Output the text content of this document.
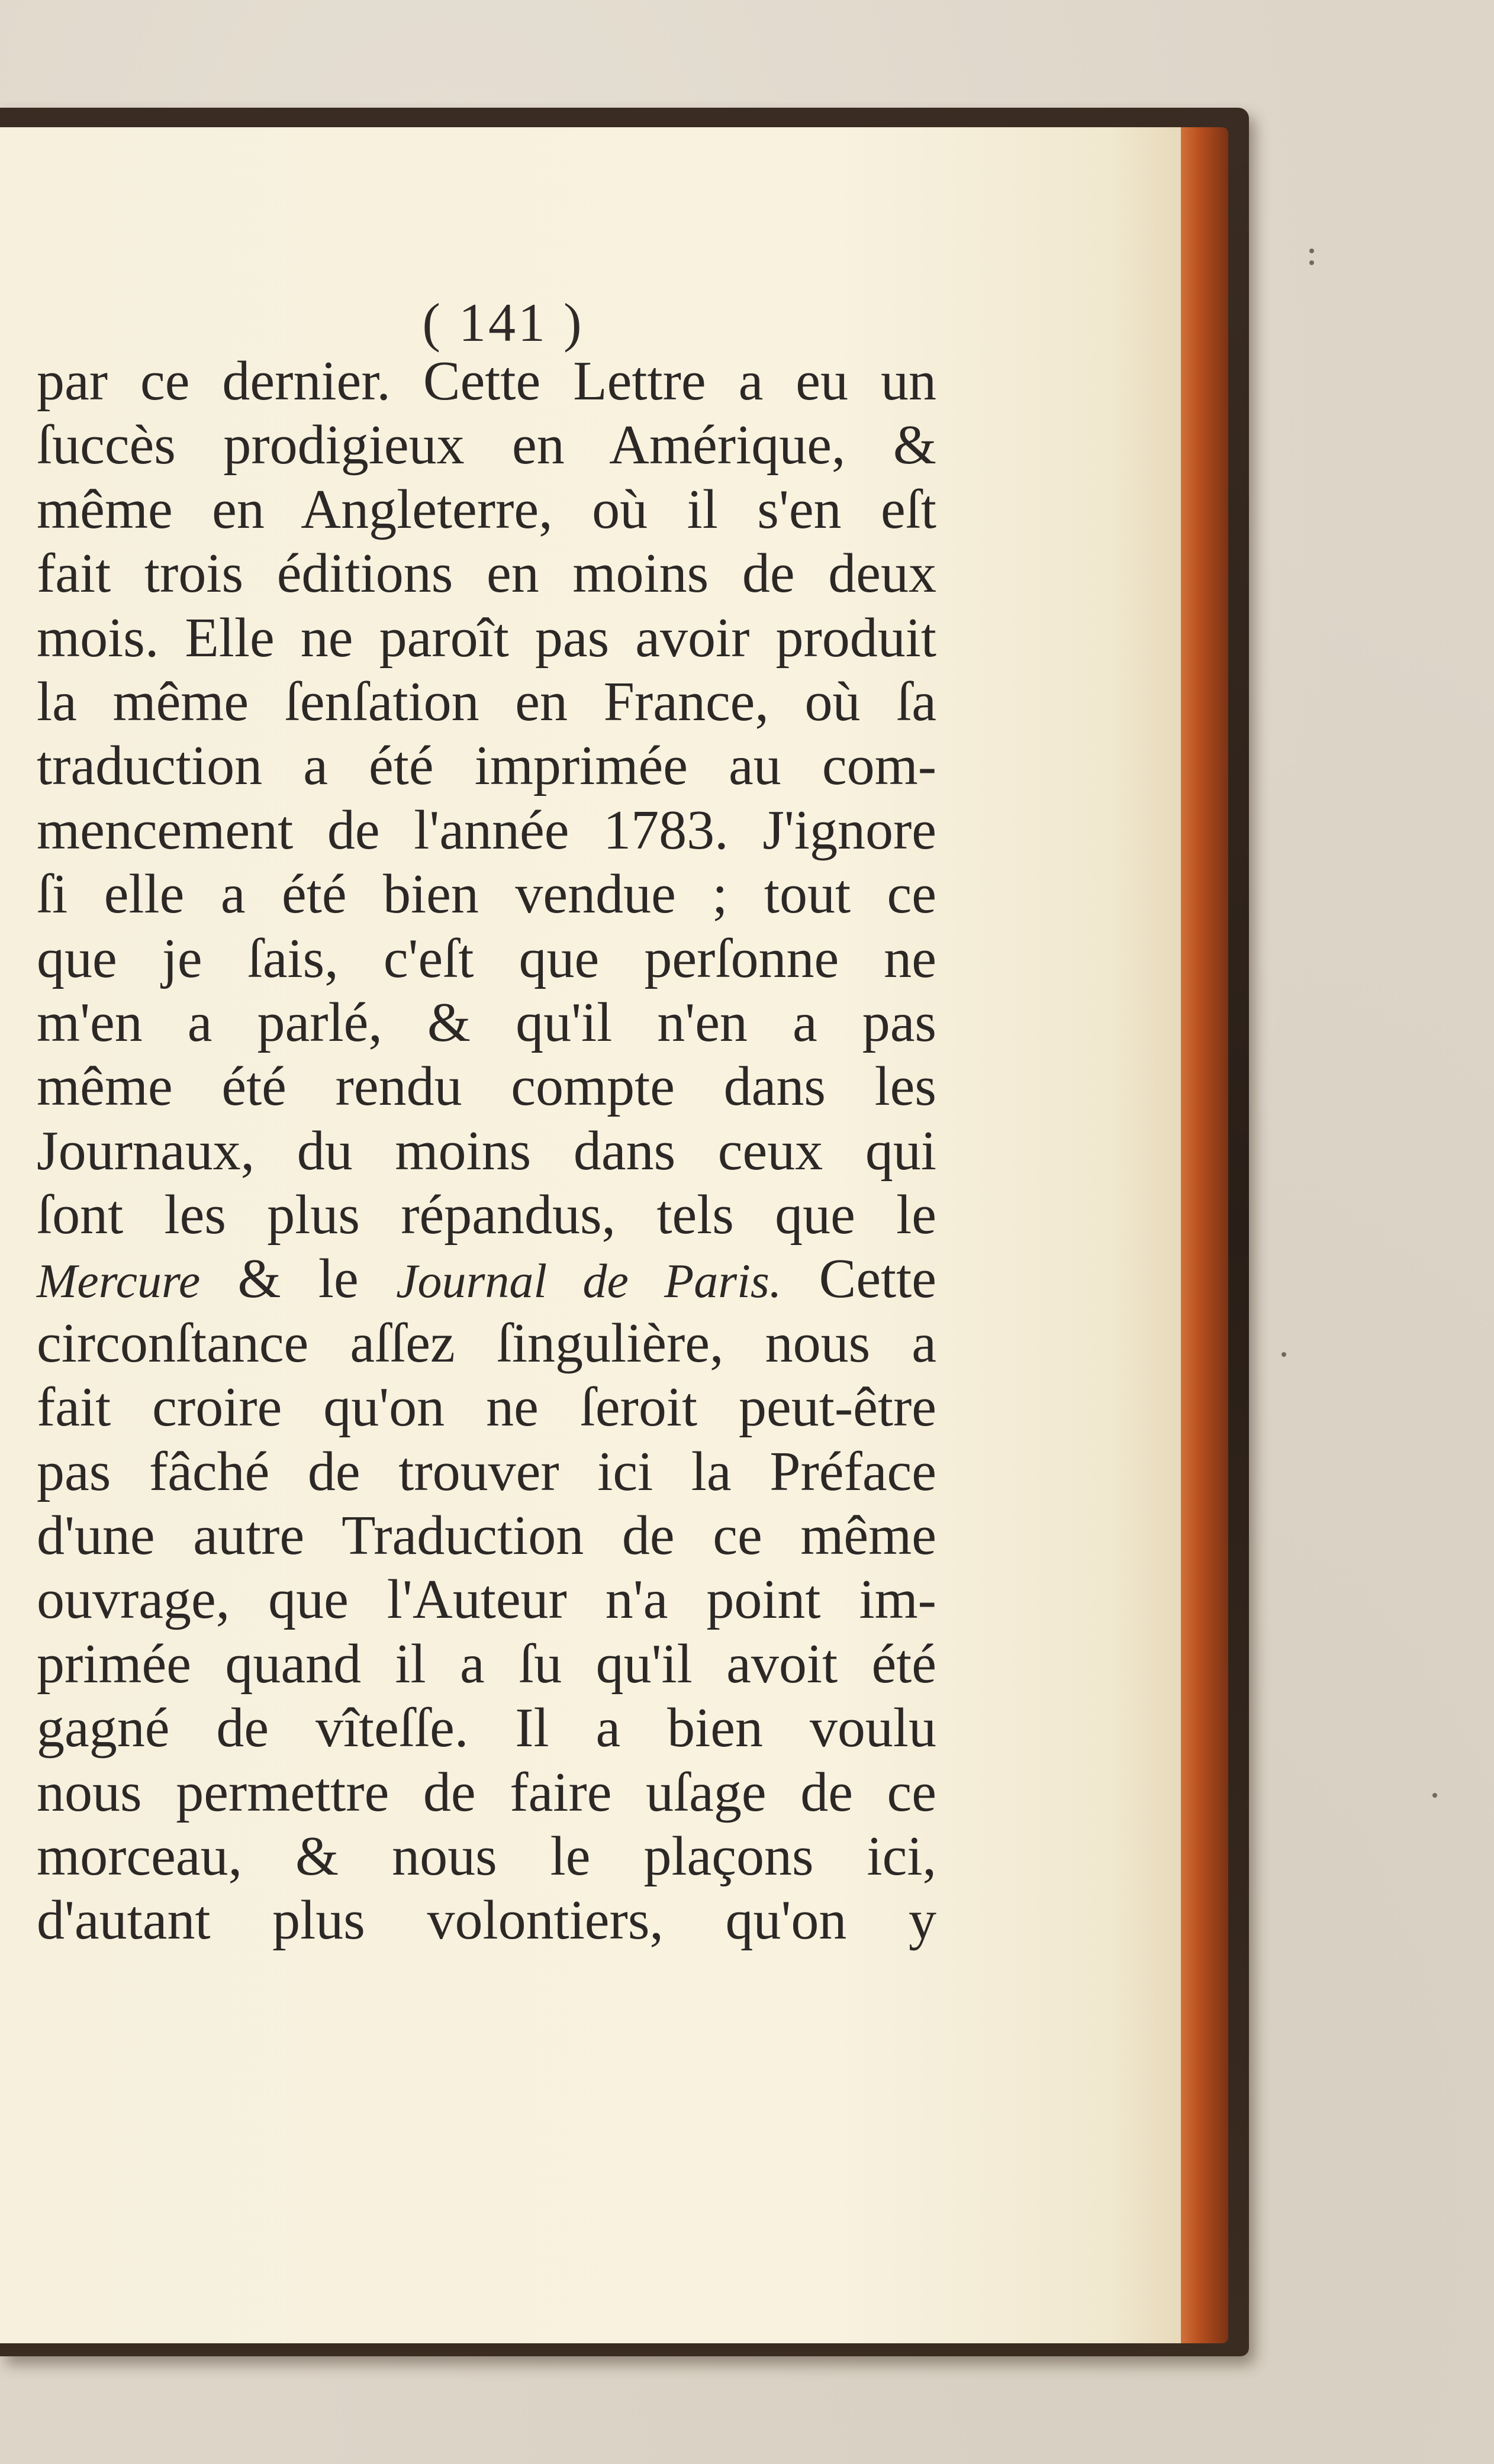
( 141 )
par ce dernier. Cette Lettre a eu un
ſuccès prodigieux en Amérique, &
même en Angleterre, où il s'en eſt
fait trois éditions en moins de deux
mois. Elle ne paroît pas avoir produit
la même ſenſation en France, où ſa
traduction a été imprimée au com-
mencement de l'année 1783. J'ignore
ſi elle a été bien vendue ; tout ce
que je ſais, c'eſt que perſonne ne
m'en a parlé, & qu'il n'en a pas
même été rendu compte dans les
Journaux, du moins dans ceux qui
ſont les plus répandus, tels que le
Mercure & le Journal de Paris. Cette
circonſtance aſſez ſingulière, nous a
fait croire qu'on ne ſeroit peut-être
pas fâché de trouver ici la Préface
d'une autre Traduction de ce même
ouvrage, que l'Auteur n'a point im-
primée quand il a ſu qu'il avoit été
gagné de vîteſſe. Il a bien voulu
nous permettre de faire uſage de ce
morceau, & nous le plaçons ici,
d'autant plus volontiers, qu'on y
